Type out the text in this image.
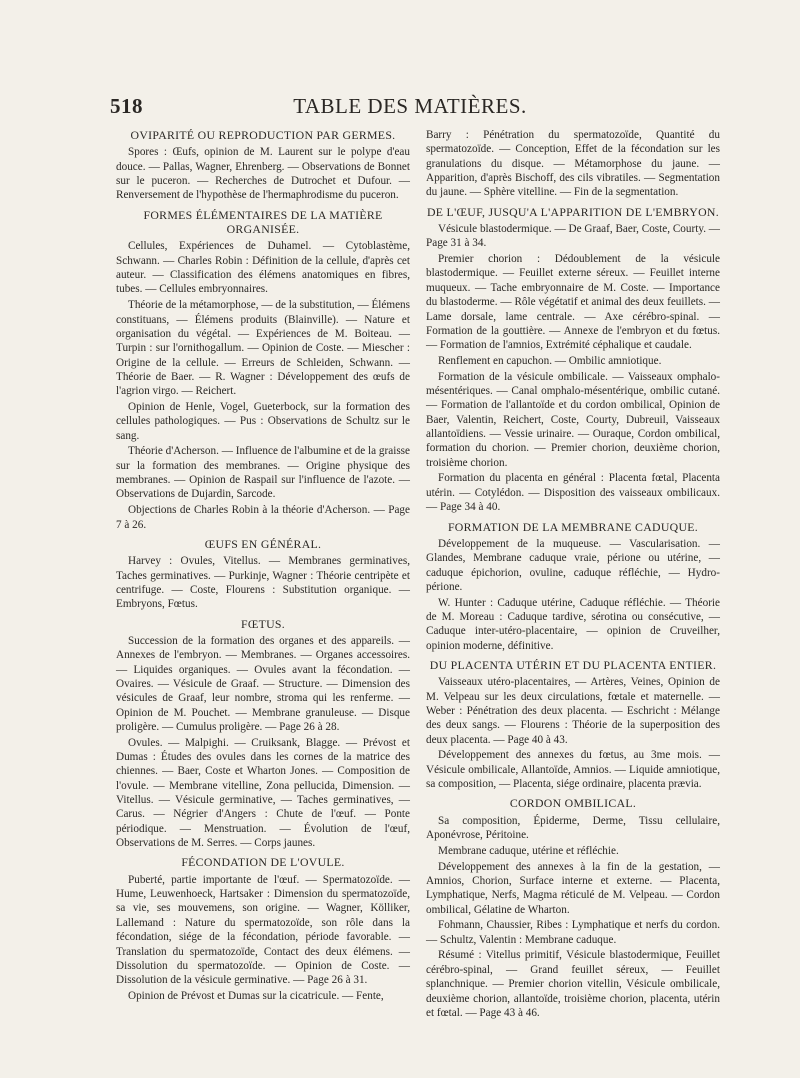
518	TABLE DES MATIÈRES.
OVIPARITÉ OU REPRODUCTION PAR GERMES.
Spores : Œufs, opinion de M. Laurent sur le polype d'eau douce. — Pallas, Wagner, Ehrenberg. — Observations de Bonnet sur le puceron. — Recherches de Dutrochet et Dufour. — Renversement de l'hypothèse de l'hermaphrodisme du puceron.
FORMES ÉLÉMENTAIRES DE LA MATIÈRE ORGANISÉE.
Cellules, Expériences de Duhamel. — Cytoblastème, Schwann. — Charles Robin : Définition de la cellule, d'après cet auteur. — Classification des élémens anatomiques en fibres, tubes. — Cellules embryonnaires.
Théorie de la métamorphose, — de la substitution, — Élémens constituans, — Élémens produits (Blainville). — Nature et organisation du végétal. — Expériences de M. Boiteau. — Turpin : sur l'ornithogallum. — Opinion de Coste. — Miescher : Origine de la cellule. — Erreurs de Schleiden, Schwann. — Théorie de Baer. — R. Wagner : Développement des œufs de l'agrion virgo. — Reichert.
Opinion de Henle, Vogel, Gueterbock, sur la formation des cellules pathologiques. — Pus : Observations de Schultz sur le sang.
Théorie d'Acherson. — Influence de l'albumine et de la graisse sur la formation des membranes. — Origine physique des membranes. — Opinion de Raspail sur l'influence de l'azote. — Observations de Dujardin, Sarcode.
Objections de Charles Robin à la théorie d'Acherson. — Page 7 à 26.
ŒUFS EN GÉNÉRAL.
Harvey : Ovules, Vitellus. — Membranes germinatives, Taches germinatives. — Purkinje, Wagner : Théorie centripète et centrifuge. — Coste, Flourens : Substitution organique. — Embryons, Fœtus.
FŒTUS.
Succession de la formation des organes et des appareils. — Annexes de l'embryon. — Membranes. — Organes accessoires. — Liquides organiques. — Ovules avant la fécondation. — Ovaires. — Vésicule de Graaf. — Structure. — Dimension des vésicules de Graaf, leur nombre, stroma qui les renferme. — Opinion de M. Pouchet. — Membrane granuleuse. — Disque proligère. — Cumulus proligère. — Page 26 à 28.
Ovules. — Malpighi. — Cruiksank, Blagge. — Prévost et Dumas : Études des ovules dans les cornes de la matrice des chiennes. — Baer, Coste et Wharton Jones. — Composition de l'ovule. — Membrane vitelline, Zona pellucida, Dimension. — Vitellus. — Vésicule germinative, — Taches germinatives, — Carus. — Négrier d'Angers : Chute de l'œuf. — Ponte périodique. — Menstruation. — Évolution de l'œuf, Observations de M. Serres. — Corps jaunes.
FÉCONDATION DE L'OVULE.
Puberté, partie importante de l'œuf. — Spermatozoïde. — Hume, Leuwenhoeck, Hartsaker : Dimension du spermatozoïde, sa vie, ses mouvemens, son origine. — Wagner, Kölliker, Lallemand : Nature du spermatozoïde, son rôle dans la fécondation, siége de la fécondation, période favorable. — Translation du spermatozoïde, Contact des deux élémens. — Dissolution du spermatozoïde. — Opinion de Coste. — Dissolution de la vésicule germinative. — Page 26 à 31.
Opinion de Prévost et Dumas sur la cicatricule. — Fente,
Barry : Pénétration du spermatozoïde, Quantité du spermatozoïde. — Conception, Effet de la fécondation sur les granulations du disque. — Métamorphose du jaune. — Apparition, d'après Bischoff, des cils vibratiles. — Segmentation du jaune. — Sphère vitelline. — Fin de la segmentation.
DE L'ŒUF, JUSQU'A L'APPARITION DE L'EMBRYON.
Vésicule blastodermique. — De Graaf, Baer, Coste, Courty. — Page 31 à 34.
Premier chorion : Dédoublement de la vésicule blastodermique. — Feuillet externe séreux. — Feuillet interne muqueux. — Tache embryonnaire de M. Coste. — Importance du blastoderme. — Rôle végétatif et animal des deux feuillets. — Lame dorsale, lame centrale. — Axe cérébro-spinal. — Formation de la gouttière. — Annexe de l'embryon et du fœtus. — Formation de l'amnios, Extrémité céphalique et caudale.
Renflement en capuchon. — Ombilic amniotique.
Formation de la vésicule ombilicale. — Vaisseaux omphalo-mésentériques. — Canal omphalo-mésentérique, ombilic cutané. — Formation de l'allantoïde et du cordon ombilical, Opinion de Baer, Valentin, Reichert, Coste, Courty, Dubreuil, Vaisseaux allantoïdiens. — Vessie urinaire. — Ouraque, Cordon ombilical, formation du chorion. — Premier chorion, deuxième chorion, troisième chorion.
Formation du placenta en général : Placenta fœtal, Placenta utérin. — Cotylédon. — Disposition des vaisseaux ombilicaux. — Page 34 à 40.
FORMATION DE LA MEMBRANE CADUQUE.
Développement de la muqueuse. — Vascularisation. — Glandes, Membrane caduque vraie, périone ou utérine, — caduque épichorion, ovuline, caduque réfléchie, — Hydro-périone.
W. Hunter : Caduque utérine, Caduque réfléchie. — Théorie de M. Moreau : Caduque tardive, sérotina ou consécutive, — Caduque inter-utéro-placentaire, — opinion de Cruveilher, opinion moderne, définitive.
DU PLACENTA UTÉRIN ET DU PLACENTA ENTIER.
Vaisseaux utéro-placentaires, — Artères, Veines, Opinion de M. Velpeau sur les deux circulations, fœtale et maternelle. — Weber : Pénétration des deux placenta. — Eschricht : Mélange des deux sangs. — Flourens : Théorie de la superposition des deux placenta. — Page 40 à 43.
Développement des annexes du fœtus, au 3me mois. — Vésicule ombilicale, Allantoïde, Amnios. — Liquide amniotique, sa composition, — Placenta, siége ordinaire, placenta prævia.
CORDON OMBILICAL.
Sa composition, Épiderme, Derme, Tissu cellulaire, Aponévrose, Péritoine.
Membrane caduque, utérine et réfléchie.
Développement des annexes à la fin de la gestation, — Amnios, Chorion, Surface interne et externe. — Placenta, Lymphatique, Nerfs, Magma réticulé de M. Velpeau. — Cordon ombilical, Gélatine de Wharton.
Fohmann, Chaussier, Ribes : Lymphatique et nerfs du cordon. — Schultz, Valentin : Membrane caduque.
Résumé : Vitellus primitif, Vésicule blastodermique, Feuillet cérébro-spinal, — Grand feuillet séreux, — Feuillet splanchnique. — Premier chorion vitellin, Vésicule ombilicale, deuxième chorion, allantoïde, troisième chorion, placenta, utérin et fœtal. — Page 43 à 46.
